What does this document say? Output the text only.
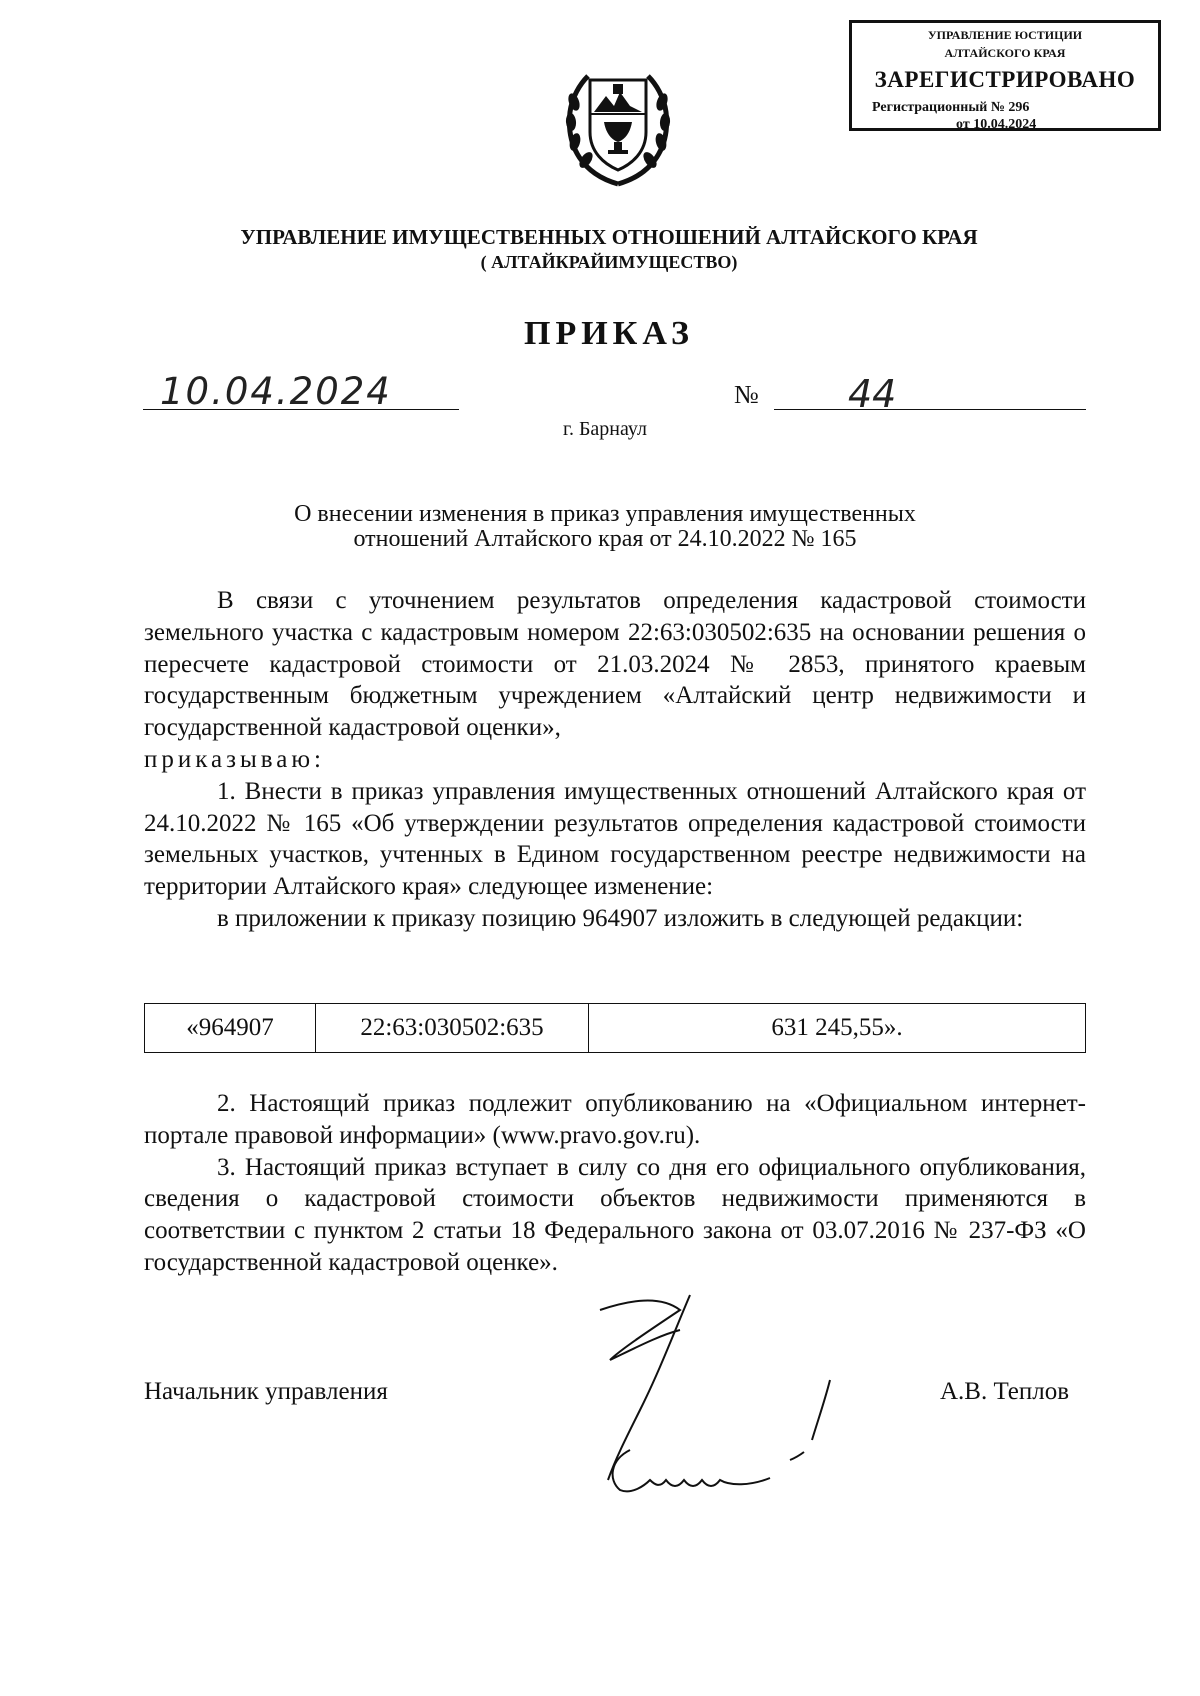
УПРАВЛЕНИЕ ЮСТИЦИИ
АЛТАЙСКОГО КРАЯ
ЗАРЕГИСТРИРОВАНО
Регистрационный № 296
от 10.04.2024
УПРАВЛЕНИЕ ИМУЩЕСТВЕННЫХ ОТНОШЕНИЙ АЛТАЙСКОГО КРАЯ
( АЛТАЙКРАЙИМУЩЕСТВО)
ПРИКАЗ
10.04.2024	№ 44
г. Барнаул
О внесении изменения в приказ управления имущественных
отношений Алтайского края от 24.10.2022 № 165

В связи с уточнением результатов определения кадастровой стоимости земельного участка с кадастровым номером 22:63:030502:635 на основании решения о пересчете кадастровой стоимости от 21.03.2024 № 2853, принятого краевым государственным бюджетным учреждением «Алтайский центр недвижимости и государственной кадастровой оценки»,

приказываю:

1. Внести в приказ управления имущественных отношений Алтайского края от 24.10.2022 № 165 «Об утверждении результатов определения кадастровой стоимости земельных участков, учтенных в Едином государственном реестре недвижимости на территории Алтайского края» следующее изменение:

в приложении к приказу позицию 964907 изложить в следующей редакции:

«964907	22:63:030502:635	631 245,55».

2. Настоящий приказ подлежит опубликованию на «Официальном интернет-портале правовой информации» (www.pravo.gov.ru).

3. Настоящий приказ вступает в силу со дня его официального опубликования, сведения о кадастровой стоимости объектов недвижимости применяются в соответствии с пунктом 2 статьи 18 Федерального закона от 03.07.2016 № 237-ФЗ «О государственной кадастровой оценке».

Начальник управления	А.В. Теплов
